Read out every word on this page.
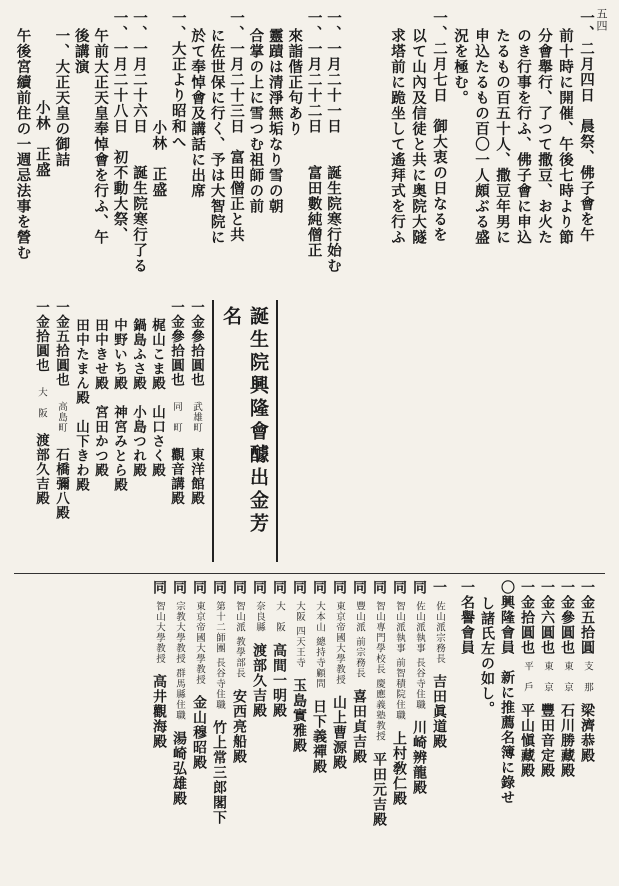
五四
一、二月四日　晨祭、佛子會を午
前十時に開催、午後七時より節
分會舉行、了つて撒豆、お火た
のき行事を行ふ、佛子會に申込
たるもの百五十人、撒豆年男に
申込たるもの百〇一人頗ぶる盛
況を極む。
一、二月七日　御大衷の日なるを
以て山內及信徒と共に奥院大隧
求塔前に跪坐して遙拜式を行ふ
一、一月二十一日　　誕生院寒行始む
一、一月二十二日　　富田數純僧正
來詣偕正句あり
靈蹟は清淨無垢なり雪の朝
合掌の上に雪つむ祖師の前
一、一月二十三日　富田僧正と共
に佐世保に行く、予は大智院に
於て奉悼會及講話に出席
一、大正より昭和へ
小林　正盛
一、一月二十六日　　誕生院寒行了る
一、一月二十八日　初不動大祭、
午前大正天皇奉悼會を行ふ、午
後講演
一、大正天皇の御詰
小林　正盛
午後宮續前住の一週忌法事を營む
誕生院興隆會醵出金芳名
一金參拾圓也　武雄町　東洋館殿
一金參拾圓也　同　町　觀音講殿
梶山こま殿　山口さく殿
鍋島ふさ殿　小島つれ殿
中野いち殿　神宮みとら殿
田中きせ殿　宮田かつ殿
田中たまん殿　山下きわ殿
一金五拾圓也　高島町　石橋彌八殿
一金拾圓也　大　阪　渡部久吉殿
一金五拾圓
支　那
梁濟恭殿
一金參圓也
東　京
石川勝藏殿
一金六圓也
東　京
豐田音定殿
一金拾圓也
平　戶
平山愼藏殿
〇興隆會員　新に推薦名簿に錄せ
し諸氏左の如し。
一名譽會員
一
佐山派宗務長
吉田眞道殿
同
佐山派執事 長谷寺住職
川崎辨龍殿
同
智山派執事 前智積院住職
上村敎仁殿
同
智山專門學校長 慶應義塾教授
平田元吉殿
同
豐山派 前宗務長
喜田貞吉殿
同
東京帝國大學教授
山上曹源殿
同
大本山 總持寺顧問
日下義禪殿
同
大阪 四天王寺
玉島實雅殿
同
大　阪
高間一明殿
同
奈良縣
渡部久吉殿
同
智山派 教學部長
安西亮船殿
同
第十二師團 長谷寺住職
竹上常三郎閣下
同
東京帝國大學教授
金山穆昭殿
同
宗教大學教授 群馬縣住職
湯崎弘雄殿
同
智山大學教授
高井觀海殿
